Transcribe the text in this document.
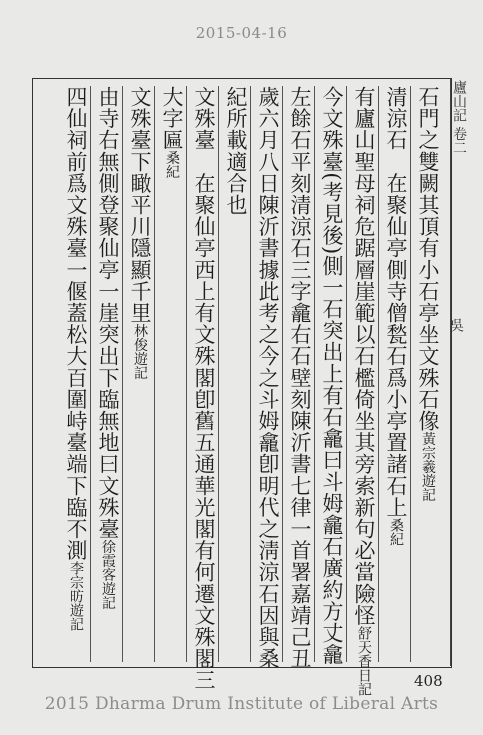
2015-04-16
廬山記 卷二
吳
石門之雙闕其頂有小石亭坐文殊石像黃宗羲遊記
清涼石　在聚仙亭側寺僧甃石爲小亭置諸石上桑紀
有廬山聖母祠危踞層崖範以石檻倚坐其旁索新句必當險怪舒天香日記
今文殊臺(考見後)側一石突出上有石龕曰斗姆龕石廣約方丈龕
左餘石平刻清涼石三字龕右石壁刻陳沂書七律一首署嘉靖己丑
歲六月八日陳沂書據此考之今之斗姆龕卽明代之淸涼石因與桑
紀所載適合也
文殊臺　在聚仙亭西上有文殊閣卽舊五通華光閣有何遷文殊閣三
大字匾桑紀
文殊臺下瞰平川隱顯千里林俊遊記
由寺右無側登聚仙亭一崖突出下臨無地曰文殊臺徐霞客遊記
四仙祠前爲文殊臺一偃蓋松大百圍峙臺端下臨不測李宗昉遊記
408
2015 Dharma Drum Institute of Liberal Arts
